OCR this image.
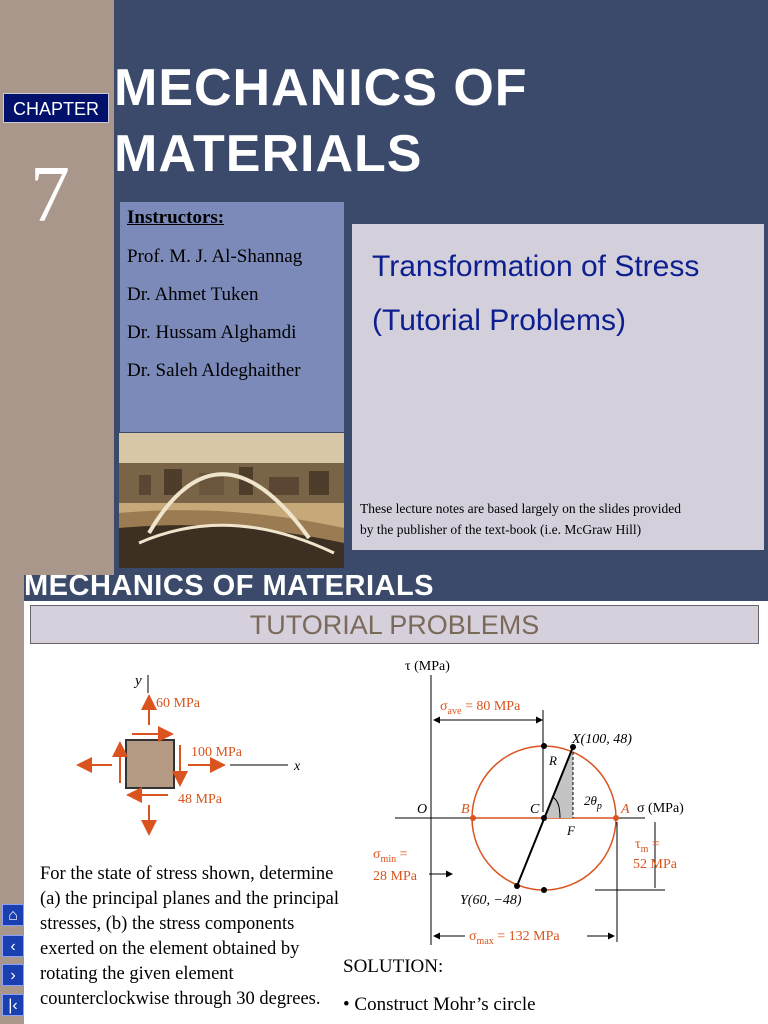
CHAPTER
7
MECHANICS OF
MATERIALS
Instructors:
Prof. M. J. Al-Shannag
Dr. Ahmet Tuken
Dr. Hussam Alghamdi
Dr. Saleh Aldeghaither
Transformation of Stress
(Tutorial Problems)
These lecture notes are based largely on the slides provided
by the publisher of the text-book (i.e. McGraw Hill)
MECHANICS OF MATERIALS
TUTORIAL PROBLEMS
y
x
60 MPa
100 MPa
48 MPa
τ (MPa)
σ (MPa)
$\sigma_{ave} = 80$ MPa
X(100, 48)
Y(60, −48)
O B	C	A
F
R
$2\theta_p$
$\sigma_{min}$ =
28 MPa
$\tau_m$ =
52 MPa
$\sigma_{max} = 132$ MPa
For the state of stress shown, determine (a) the principal planes and the principal stresses, (b) the stress components exerted on the element obtained by rotating the given element counterclockwise through 30 degrees.
SOLUTION:
• Construct Mohr’s circle
⌂
‹
›
|‹
